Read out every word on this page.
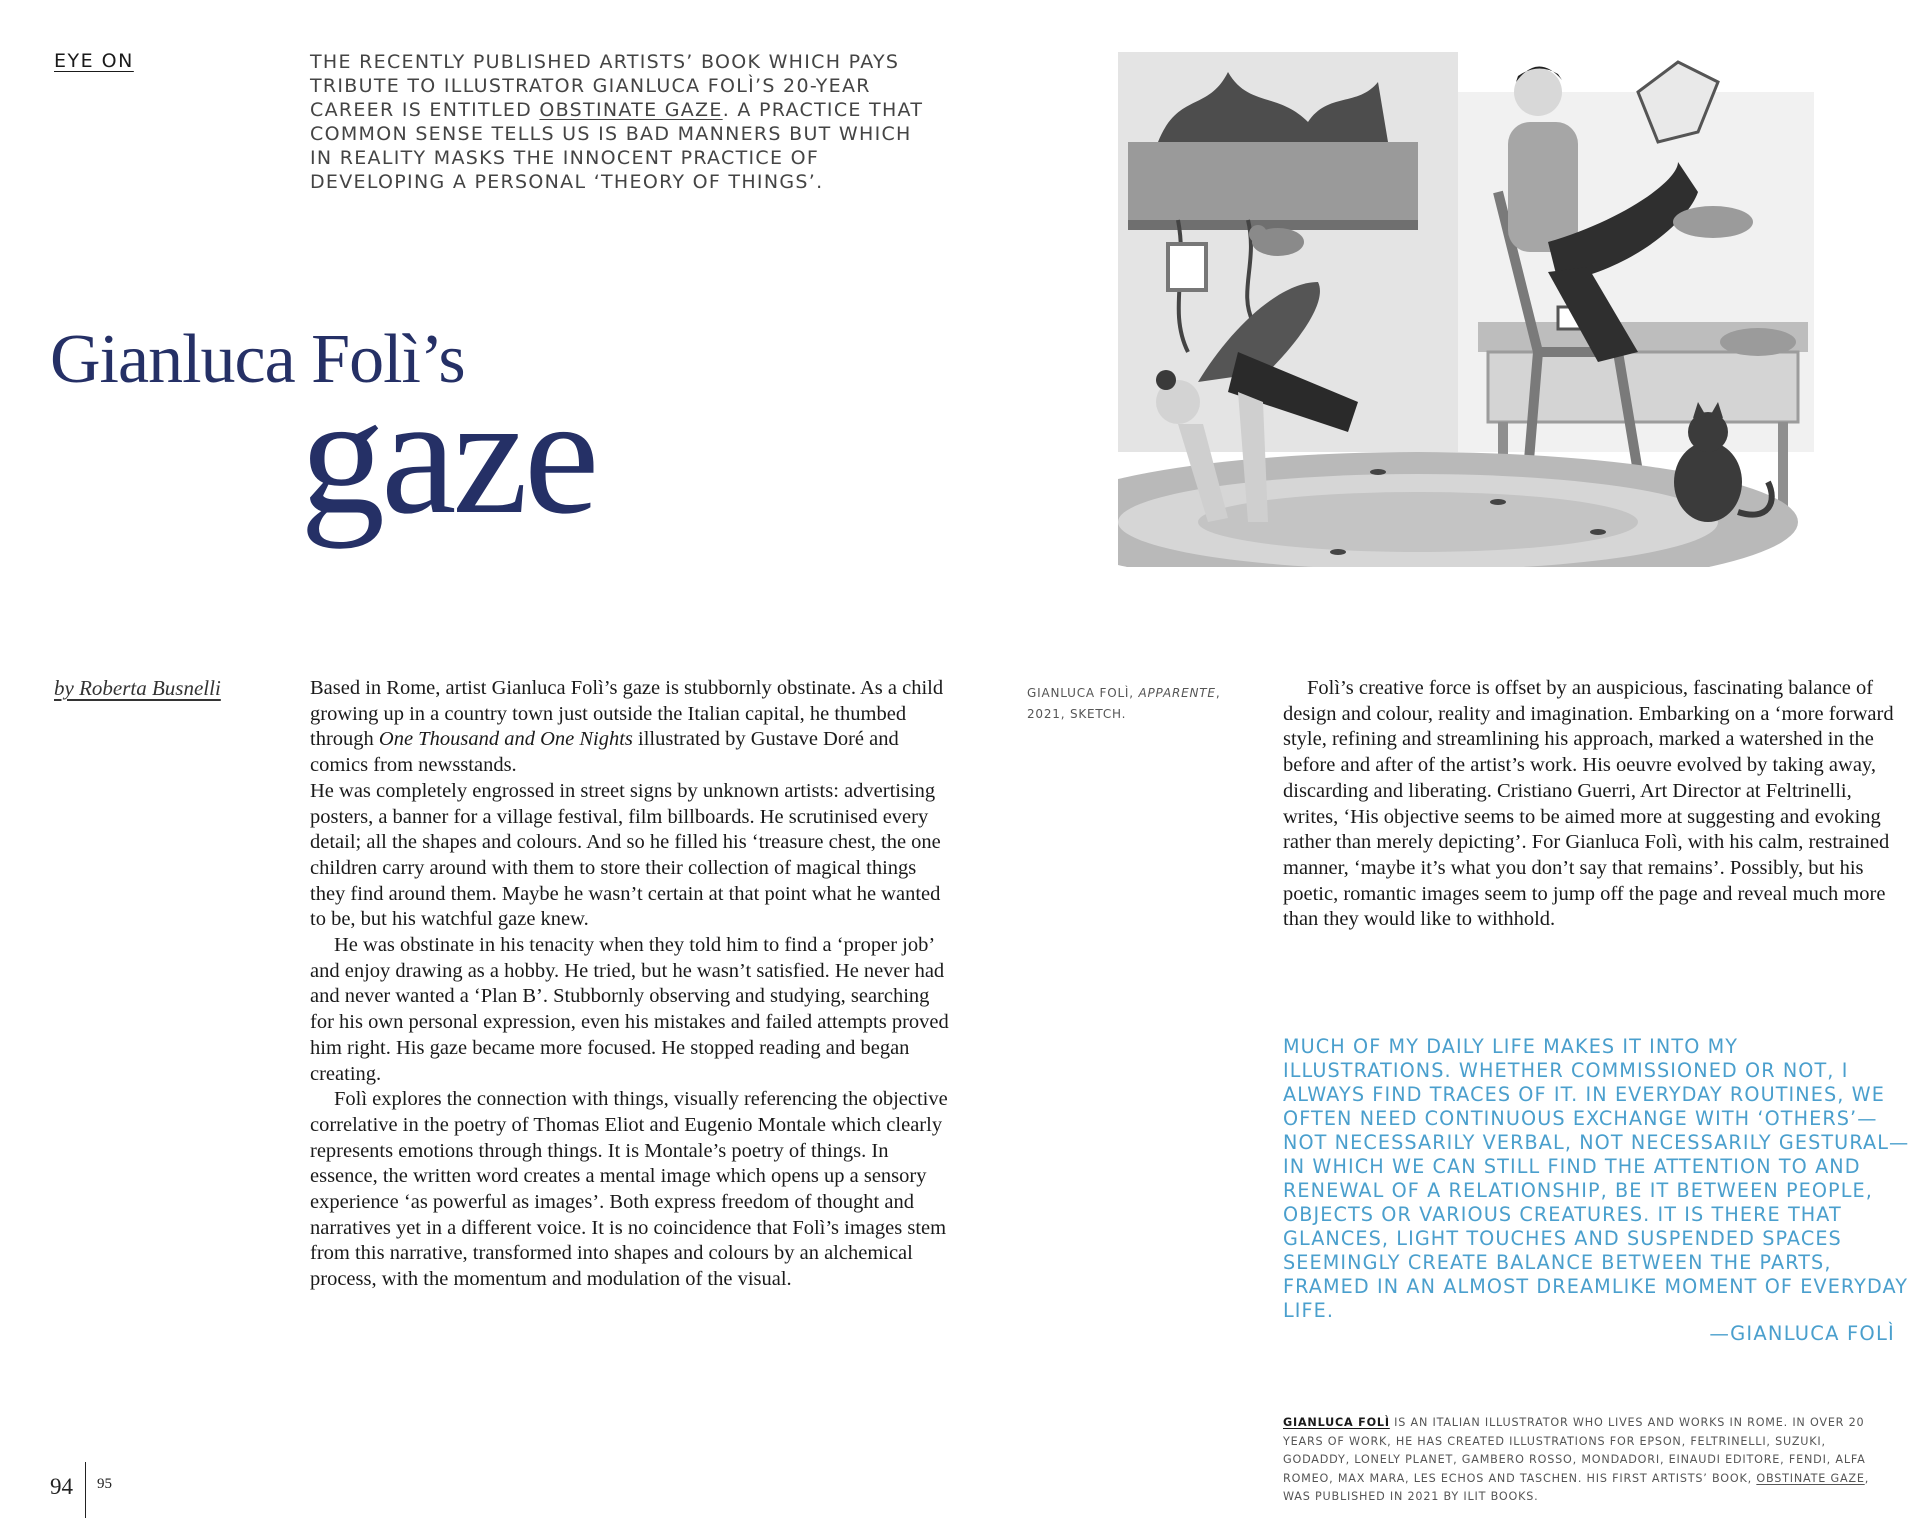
EYE ON	THE RECENTLY PUBLISHED ARTISTS’ BOOK WHICH PAYS TRIBUTE TO ILLUSTRATOR GIANLUCA FOLÌ’S 20-YEAR CAREER IS ENTITLED OBSTINATE GAZE. A PRACTICE THAT COMMON SENSE TELLS US IS BAD MANNERS BUT WHICH IN REALITY MASKS THE INNOCENT PRACTICE OF DEVELOPING A PERSONAL ‘THEORY OF THINGS’.
Gianluca Folì’s
gaze
by Roberta Busnelli	Based in Rome, artist Gianluca Folì’s gaze is stubbornly obstinate. As a child growing up in a country town just outside the Italian capital, he thumbed through One Thousand and One Nights illustrated by Gustave Doré and comics from newsstands.

He was completely engrossed in street signs by unknown artists: advertising posters, a banner for a village festival, film billboards. He scrutinised every detail; all the shapes and colours. And so he filled his ‘treasure chest, the one children carry around with them to store their collection of magical things they find around them. Maybe he wasn’t certain at that point what he wanted to be, but his watchful gaze knew.

He was obstinate in his tenacity when they told him to find a ‘proper job’ and enjoy drawing as a hobby. He tried, but he wasn’t satisfied. He never had and never wanted a ‘Plan B’. Stubbornly observing and studying, searching for his own personal expression, even his mistakes and failed attempts proved him right. His gaze became more focused. He stopped reading and began creating.

Folì explores the connection with things, visually referencing the objective correlative in the poetry of Thomas Eliot and Eugenio Montale which clearly represents emotions through things. It is Montale’s poetry of things. In essence, the written word creates a mental image which opens up a sensory experience ‘as powerful as images’. Both express freedom of thought and narratives yet in a different voice. It is no coincidence that Folì’s images stem from this narrative, transformed into shapes and colours by an alchemical process, with the momentum and modulation of the visual.

GIANLUCA FOLÌ, APPARENTE, 2021, SKETCH.

Folì’s creative force is offset by an auspicious, fascinating balance of design and colour, reality and imagination. Embarking on a ‘more forward style, refining and streamlining his approach, marked a watershed in the before and after of the artist’s work. His oeuvre evolved by taking away, discarding and liberating. Cristiano Guerri, Art Director at Feltrinelli, writes, ‘His objective seems to be aimed more at suggesting and evoking rather than merely depicting’. For Gianluca Folì, with his calm, restrained manner, ‘maybe it’s what you don’t say that remains’. Possibly, but his poetic, romantic images seem to jump off the page and reveal much more than they would like to withhold.

MUCH OF MY DAILY LIFE MAKES IT INTO MY ILLUSTRATIONS. WHETHER COMMISSIONED OR NOT, I ALWAYS FIND TRACES OF IT. IN EVERYDAY ROUTINES, WE OFTEN NEED CONTINUOUS EXCHANGE WITH ‘OTHERS’—NOT NECESSARILY VERBAL, NOT NECESSARILY GESTURAL—IN WHICH WE CAN STILL FIND THE ATTENTION TO AND RENEWAL OF A RELATIONSHIP, BE IT BETWEEN PEOPLE, OBJECTS OR VARIOUS CREATURES. IT IS THERE THAT GLANCES, LIGHT TOUCHES AND SUSPENDED SPACES SEEMINGLY CREATE BALANCE BETWEEN THE PARTS, FRAMED IN AN ALMOST DREAMLIKE MOMENT OF EVERYDAY LIFE.
—GIANLUCA FOLÌ
GIANLUCA FOLÌ IS AN ITALIAN ILLUSTRATOR WHO LIVES AND WORKS IN ROME. IN OVER 20 YEARS OF WORK, HE HAS CREATED ILLUSTRATIONS FOR EPSON, FELTRINELLI, SUZUKI, GODADDY, LONELY PLANET, GAMBERO ROSSO, MONDADORI, EINAUDI EDITORE, FENDI, ALFA ROMEO, MAX MARA, LES ECHOS AND TASCHEN. HIS FIRST ARTISTS’ BOOK, OBSTINATE GAZE, WAS PUBLISHED IN 2021 BY ILIT BOOKS.
94 95
